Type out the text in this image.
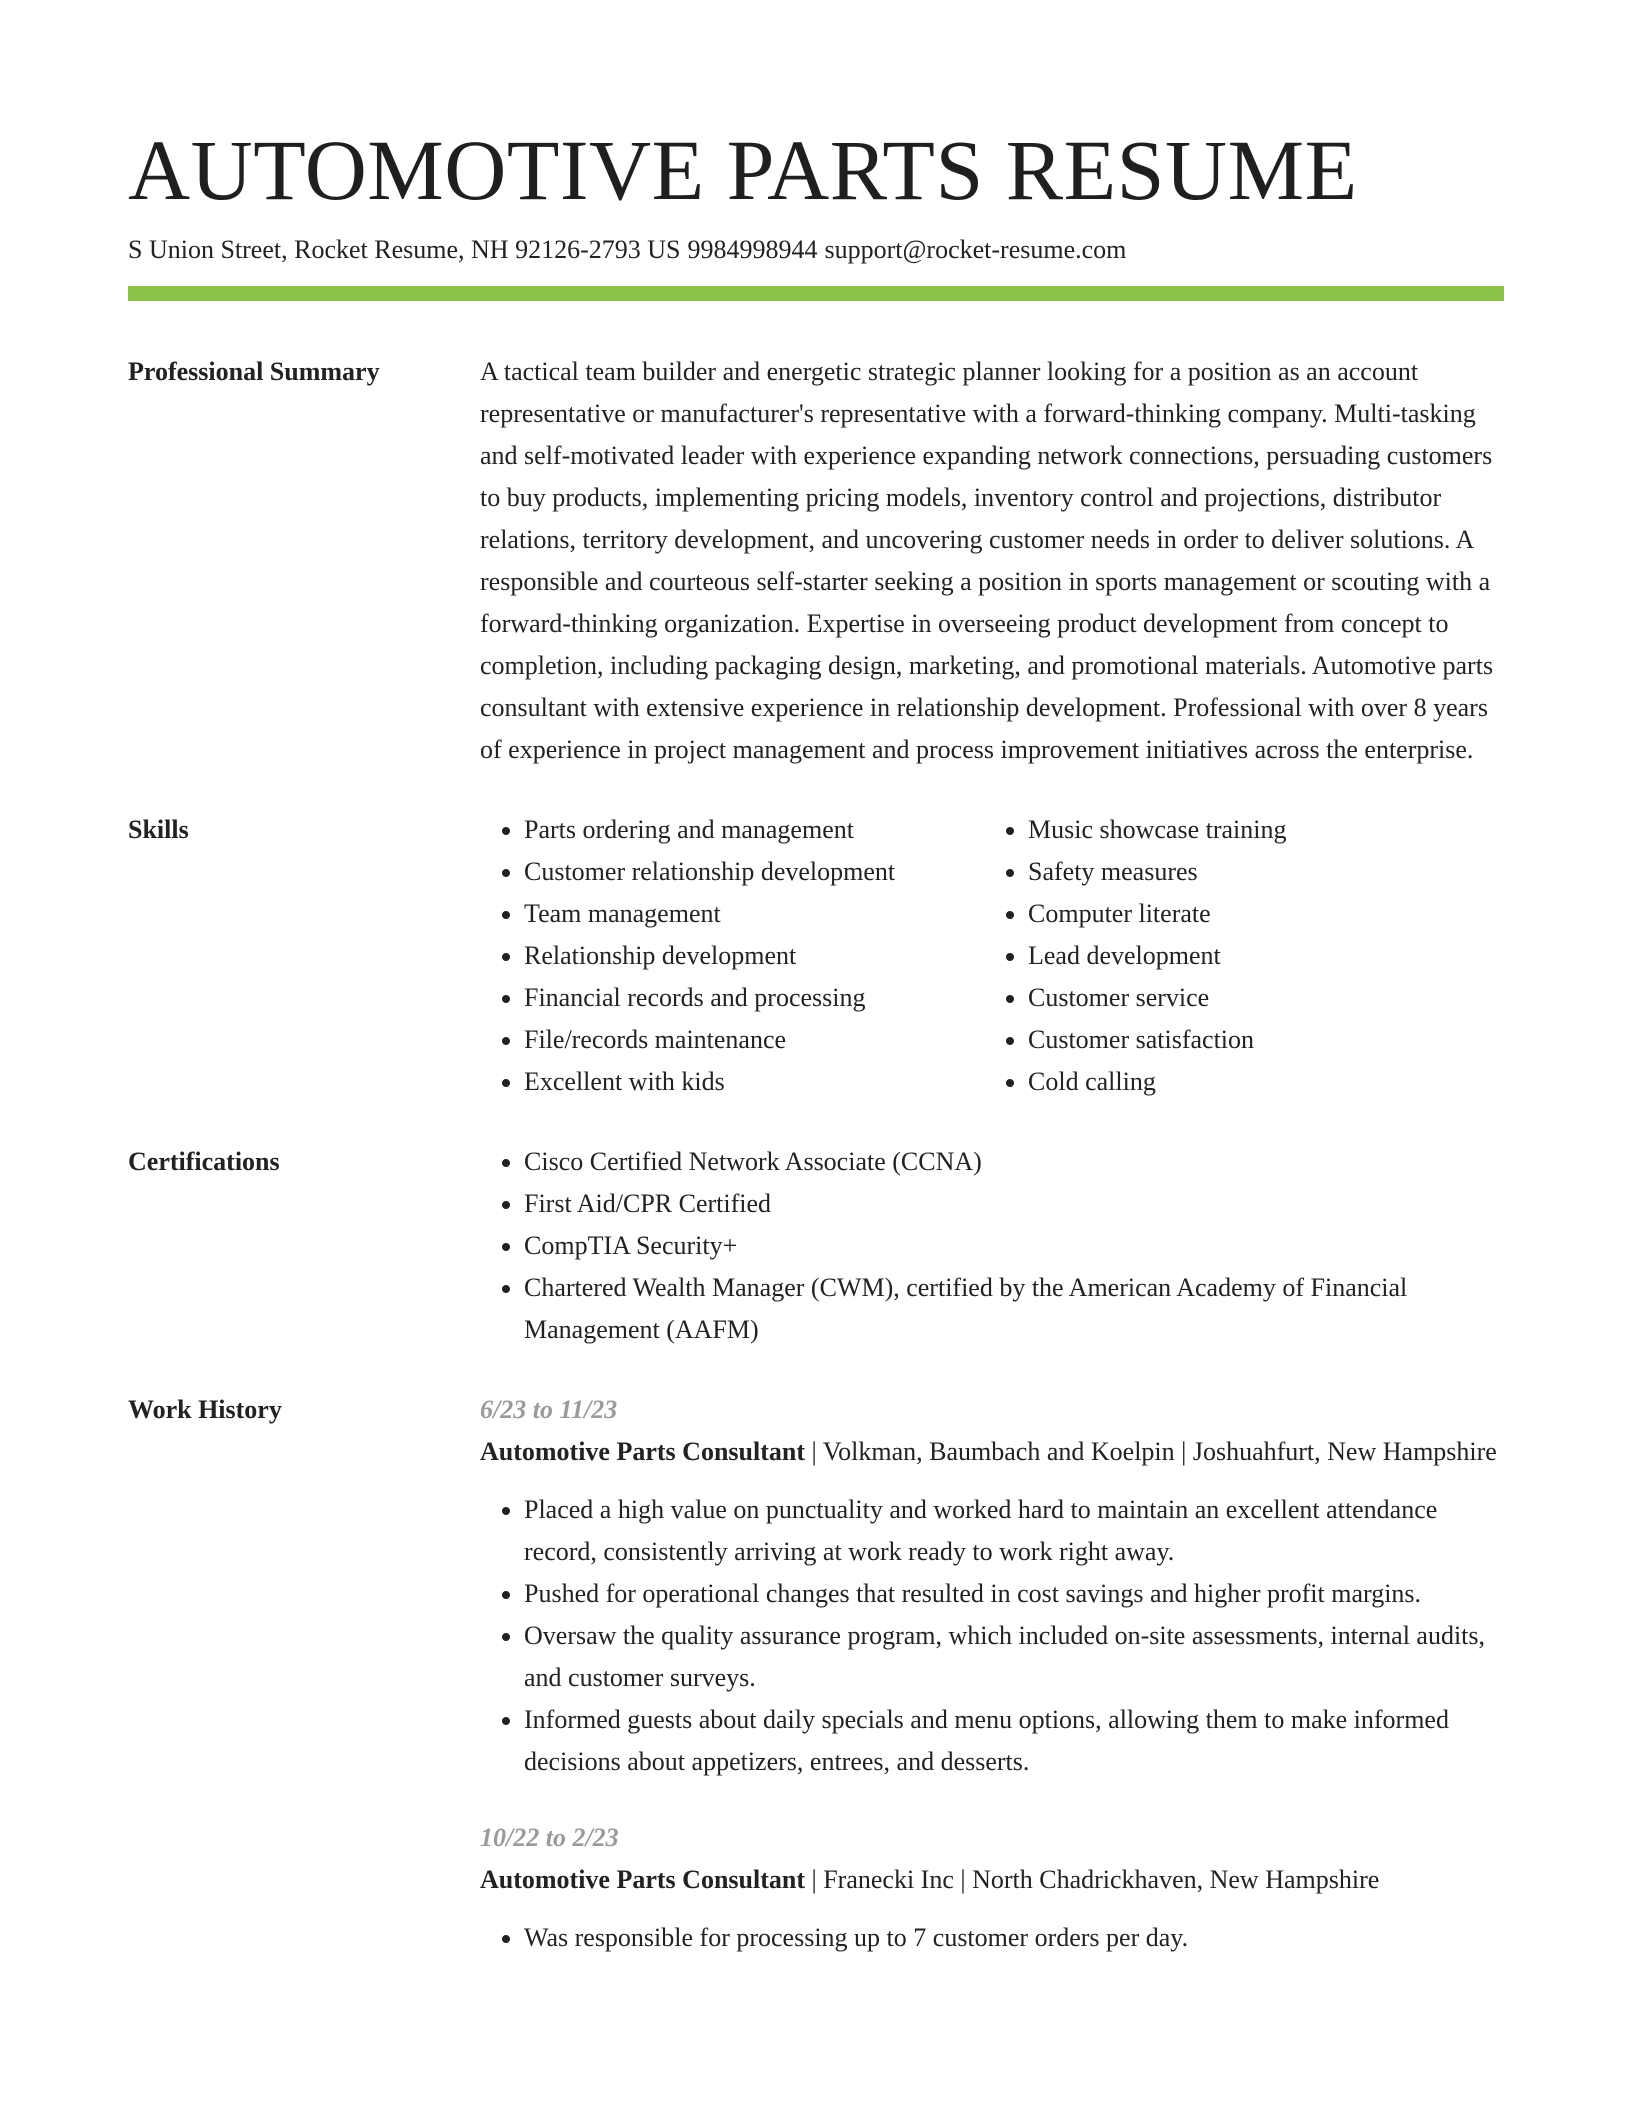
AUTOMOTIVE PARTS RESUME
S Union Street, Rocket Resume, NH 92126-2793 US 9984998944 support@rocket-resume.com
Professional Summary	A tactical team builder and energetic strategic planner looking for a position as an account representative or manufacturer's representative with a forward-thinking company. Multi-tasking and self-motivated leader with experience expanding network connections, persuading customers to buy products, implementing pricing models, inventory control and projections, distributor relations, territory development, and uncovering customer needs in order to deliver solutions. A responsible and courteous self-starter seeking a position in sports management or scouting with a forward-thinking organization. Expertise in overseeing product development from concept to completion, including packaging design, marketing, and promotional materials. Automotive parts consultant with extensive experience in relationship development. Professional with over 8 years of experience in project management and process improvement initiatives across the enterprise.

Skills	• Parts ordering and management
• Customer relationship development
• Team management
• Relationship development
• Financial records and processing
• File/records maintenance
• Excellent with kids
• Music showcase training
• Safety measures
• Computer literate
• Lead development
• Customer service
• Customer satisfaction
• Cold calling
Certifications	• Cisco Certified Network Associate (CCNA)
• First Aid/CPR Certified
• CompTIA Security+
• Chartered Wealth Manager (CWM), certified by the American Academy of Financial Management (AAFM)
Work History	6/23 to 11/23
Automotive Parts Consultant | Volkman, Baumbach and Koelpin | Joshuahfurt, New Hampshire
• Placed a high value on punctuality and worked hard to maintain an excellent attendance record, consistently arriving at work ready to work right away.
• Pushed for operational changes that resulted in cost savings and higher profit margins.
• Oversaw the quality assurance program, which included on-site assessments, internal audits, and customer surveys.
• Informed guests about daily specials and menu options, allowing them to make informed decisions about appetizers, entrees, and desserts.
10/22 to 2/23
Automotive Parts Consultant | Franecki Inc | North Chadrickhaven, New Hampshire
• Was responsible for processing up to 7 customer orders per day.
